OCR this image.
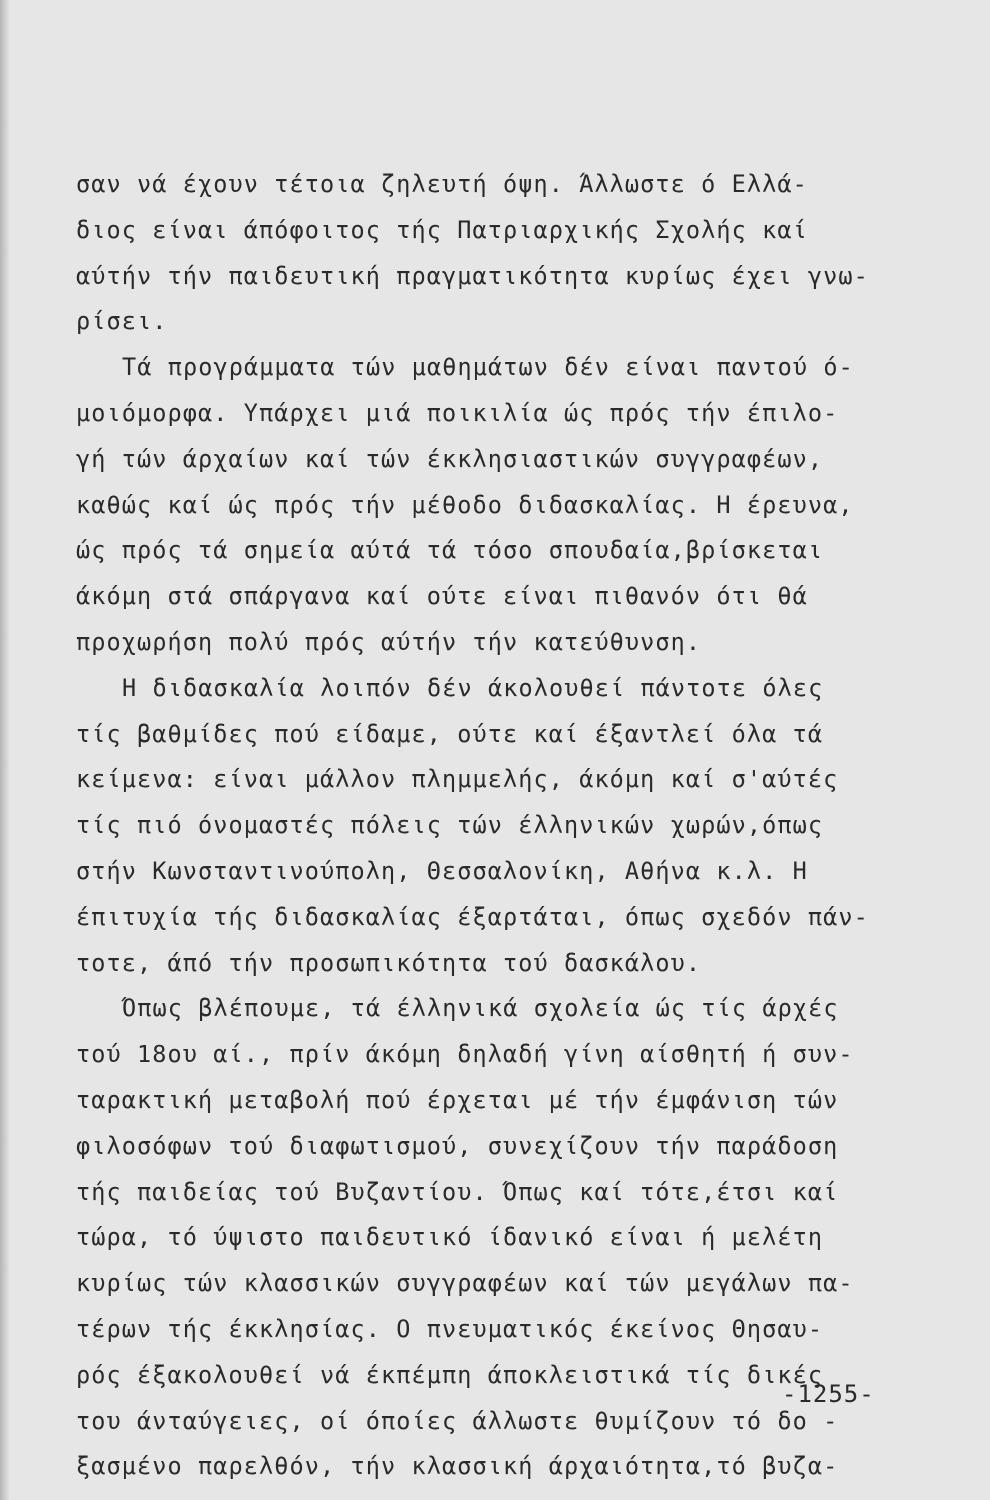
σαν νά έχουν τέτοια ζηλευτή όψη. Άλλωστε ό Ελλά-
διος είναι άπόφοιτος τής Πατριαρχικής Σχολής καί
αύτήν τήν παιδευτική πραγματικότητα κυρίως έχει γνω-
ρίσει.
Τά προγράμματα τών μαθημάτων δέν είναι παντού ό-
μοιόμορφα. Υπάρχει μιά ποικιλία ώς πρός τήν έπιλο-
γή τών άρχαίων καί τών έκκλησιαστικών συγγραφέων,
καθώς καί ώς πρός τήν μέθοδο διδασκαλίας. Η έρευνα,
ώς πρός τά σημεία αύτά τά τόσο σπουδαία,βρίσκεται
άκόμη στά σπάργανα καί ούτε είναι πιθανόν ότι θά
προχωρήση πολύ πρός αύτήν τήν κατεύθυνση.
Η διδασκαλία λοιπόν δέν άκολουθεί πάντοτε όλες
τίς βαθμίδες πού είδαμε, ούτε καί έξαντλεί όλα τά
κείμενα: είναι μάλλον πλημμελής, άκόμη καί σ'αύτές
τίς πιό όνομαστές πόλεις τών έλληνικών χωρών,όπως
στήν Κωνσταντινούπολη, Θεσσαλονίκη, Αθήνα κ.λ. Η
έπιτυχία τής διδασκαλίας έξαρτάται, όπως σχεδόν πάν-
τοτε, άπό τήν προσωπικότητα τού δασκάλου.
Όπως βλέπουμε, τά έλληνικά σχολεία ώς τίς άρχές
τού 18ου αί., πρίν άκόμη δηλαδή γίνη αίσθητή ή συν-
ταρακτική μεταβολή πού έρχεται μέ τήν έμφάνιση τών
φιλοσόφων τού διαφωτισμού, συνεχίζουν τήν παράδοση
τής παιδείας τού Βυζαντίου. Όπως καί τότε,έτσι καί
τώρα, τό ύψιστο παιδευτικό ίδανικό είναι ή μελέτη
κυρίως τών κλασσικών συγγραφέων καί τών μεγάλων πα-
τέρων τής έκκλησίας. Ο πνευματικός έκείνος Θησαυ-
ρός έξακολουθεί νά έκπέμπη άποκλειστικά τίς δικές
του άνταύγειες, οί όποίες άλλωστε θυμίζουν τό δο -
ξασμένο παρελθόν, τήν κλασσική άρχαιότητα,τό βυζα-
-1255-
